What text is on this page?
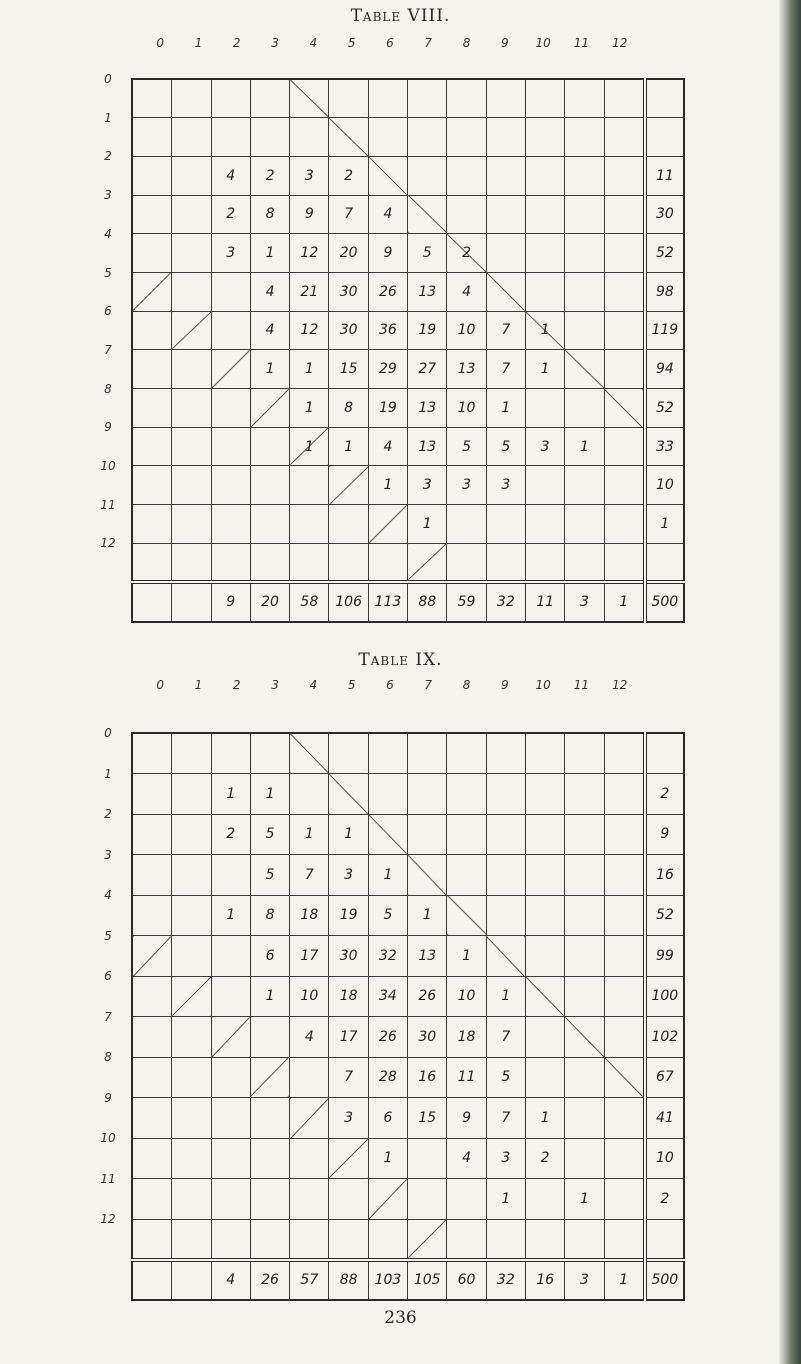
Table VIII.
0	1	2	3	4	5	6	7	8	9	10	11	12
0
1
2
3
4
5
6
7
8
9
10
11
12

		4	2	3	2								11
		2	8	9	7	4							30
		3	1	12	20	9	5	2					52
			4	21	30	26	13	4					98
			4	12	30	36	19	10	7	1			119
			1	1	15	29	27	13	7	1			94
				1	8	19	13	10	1				52
				1	1	4	13	5	5	3	1		33
						1	3	3	3				10
							1						1

		9	20	58	106	113	88	59	32	11	3	1	500
Table IX.
0	1	2	3	4	5	6	7	8	9	10	11	12
0
1
2
3
4
5
6
7
8
9
10
11
12

		1	1										2
		2	5	1	1								9
			5	7	3	1							16
		1	8	18	19	5	1						52
			6	17	30	32	13	1					99
			1	10	18	34	26	10	1				100
				4	17	26	30	18	7				102
					7	28	16	11	5				67
					3	6	15	9	7	1			41
						1		4	3	2			10
									1		1		2

		4	26	57	88	103	105	60	32	16	3	1	500
236
